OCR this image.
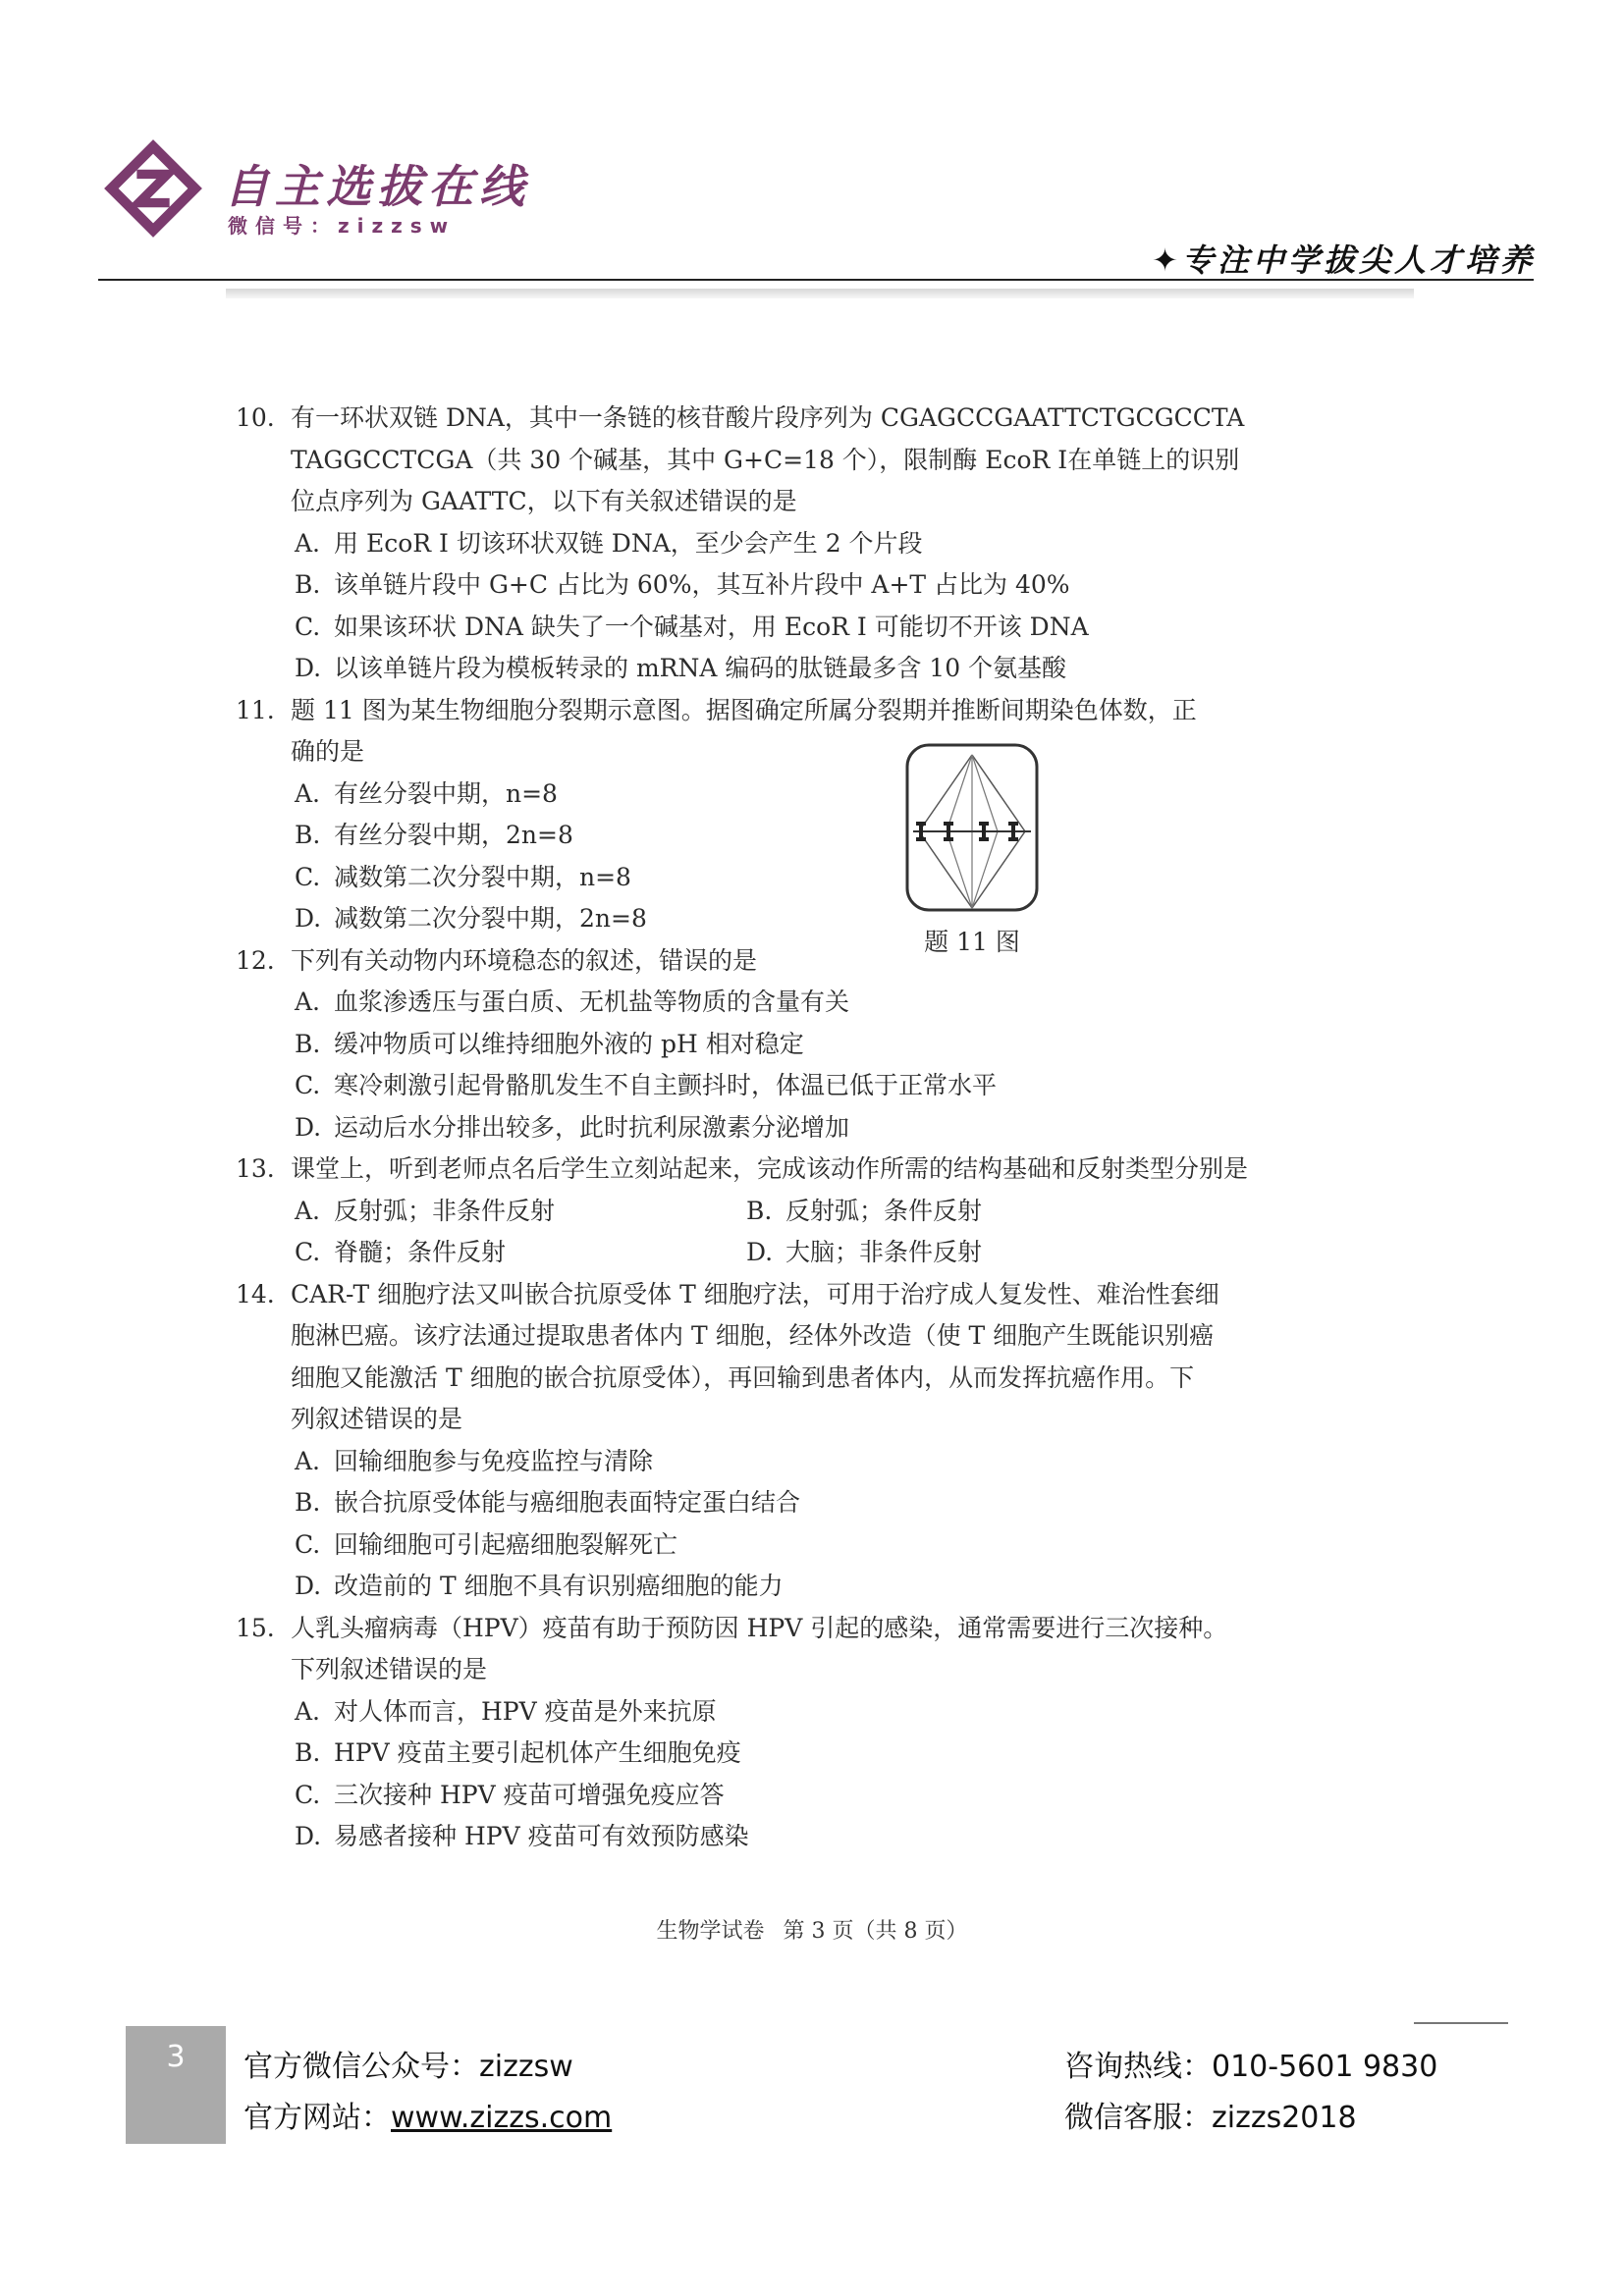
自主选拔在线
微信号：zizzsw
✦专注中学拔尖人才培养
10. 有一环状双链 DNA，其中一条链的核苷酸片段序列为 CGAGCCGAATTCTGCGCCTA
TAGGCCTCGA（共 30 个碱基，其中 G+C=18 个），限制酶 EcoR Ⅰ在单链上的识别
位点序列为 GAATTC，以下有关叙述错误的是
A. 用 EcoR Ⅰ 切该环状双链 DNA，至少会产生 2 个片段
B. 该单链片段中 G+C 占比为 60%，其互补片段中 A+T 占比为 40%
C. 如果该环状 DNA 缺失了一个碱基对，用 EcoR Ⅰ 可能切不开该 DNA
D. 以该单链片段为模板转录的 mRNA 编码的肽链最多含 10 个氨基酸
11. 题 11 图为某生物细胞分裂期示意图。据图确定所属分裂期并推断间期染色体数，正
确的是
A. 有丝分裂中期，n=8
B. 有丝分裂中期，2n=8
C. 减数第二次分裂中期，n=8
D. 减数第二次分裂中期，2n=8
题 11 图
12. 下列有关动物内环境稳态的叙述，错误的是
A. 血浆渗透压与蛋白质、无机盐等物质的含量有关
B. 缓冲物质可以维持细胞外液的 pH 相对稳定
C. 寒冷刺激引起骨骼肌发生不自主颤抖时，体温已低于正常水平
D. 运动后水分排出较多，此时抗利尿激素分泌增加
13. 课堂上，听到老师点名后学生立刻站起来，完成该动作所需的结构基础和反射类型分别是
A. 反射弧；非条件反射	B. 反射弧；条件反射
C. 脊髓；条件反射	D. 大脑；非条件反射
14. CAR-T 细胞疗法又叫嵌合抗原受体 T 细胞疗法，可用于治疗成人复发性、难治性套细
胞淋巴癌。该疗法通过提取患者体内 T 细胞，经体外改造（使 T 细胞产生既能识别癌
细胞又能激活 T 细胞的嵌合抗原受体），再回输到患者体内，从而发挥抗癌作用。下
列叙述错误的是
A. 回输细胞参与免疫监控与清除
B. 嵌合抗原受体能与癌细胞表面特定蛋白结合
C. 回输细胞可引起癌细胞裂解死亡
D. 改造前的 T 细胞不具有识别癌细胞的能力
15. 人乳头瘤病毒（HPV）疫苗有助于预防因 HPV 引起的感染，通常需要进行三次接种。
下列叙述错误的是
A. 对人体而言，HPV 疫苗是外来抗原
B. HPV 疫苗主要引起机体产生细胞免疫
C. 三次接种 HPV 疫苗可增强免疫应答
D. 易感者接种 HPV 疫苗可有效预防感染
生物学试卷 第 3 页（共 8 页）
3	官方微信公众号：zizzsw
官方网站：www.zizzs.com
咨询热线：010-5601 9830
微信客服：zizzs2018
